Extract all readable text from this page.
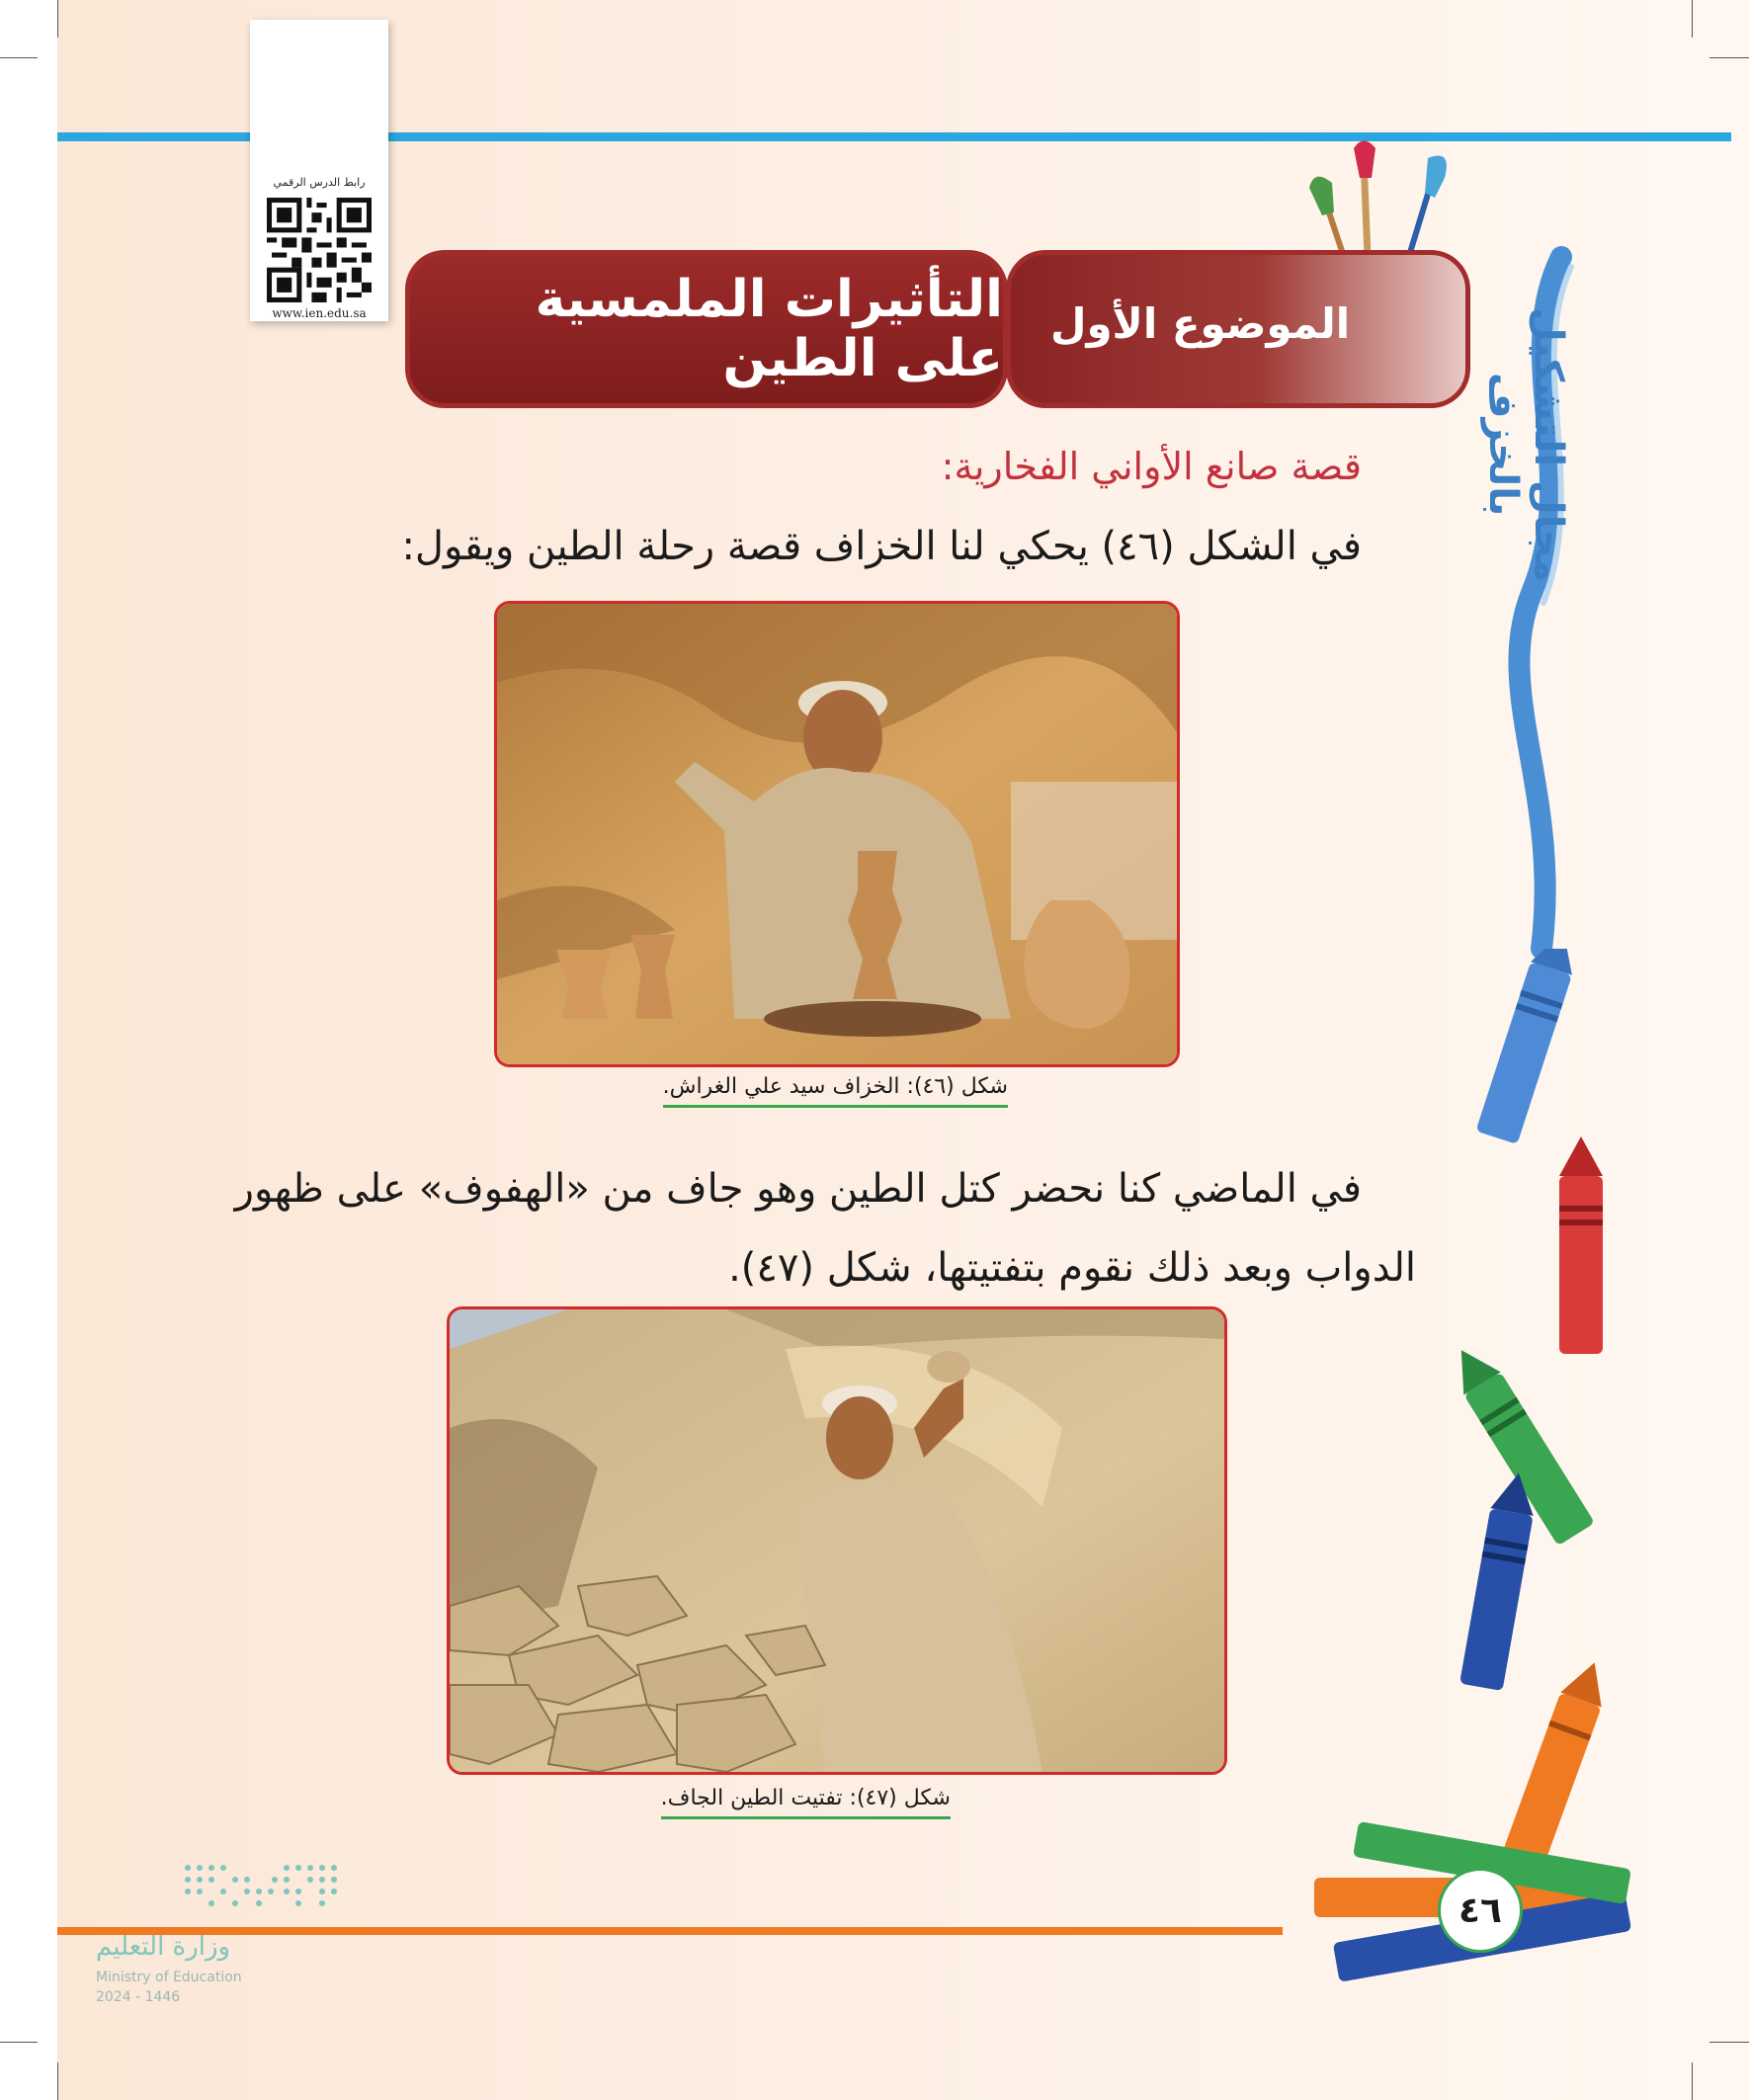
رابط الدرس الرقمي
www.ien.edu.sa	الموضوع الأول
التأثيرات الملمسية على الطين	مجال التشكيل بالخزف
٤٦
قصة صانع الأواني الفخارية:
في الشكل (٤٦) يحكي لنا الخزاف قصة رحلة الطين ويقول:
شكل (٤٦): الخزاف سيد علي الغراش.
في الماضي كنا نحضر كتل الطين وهو جاف من «الهفوف» على ظهور
الدواب وبعد ذلك نقوم بتفتيتها، شكل (٤٧).
شكل (٤٧): تفتيت الطين الجاف.
وزارة التعليم
Ministry of Education
2024 - 1446
